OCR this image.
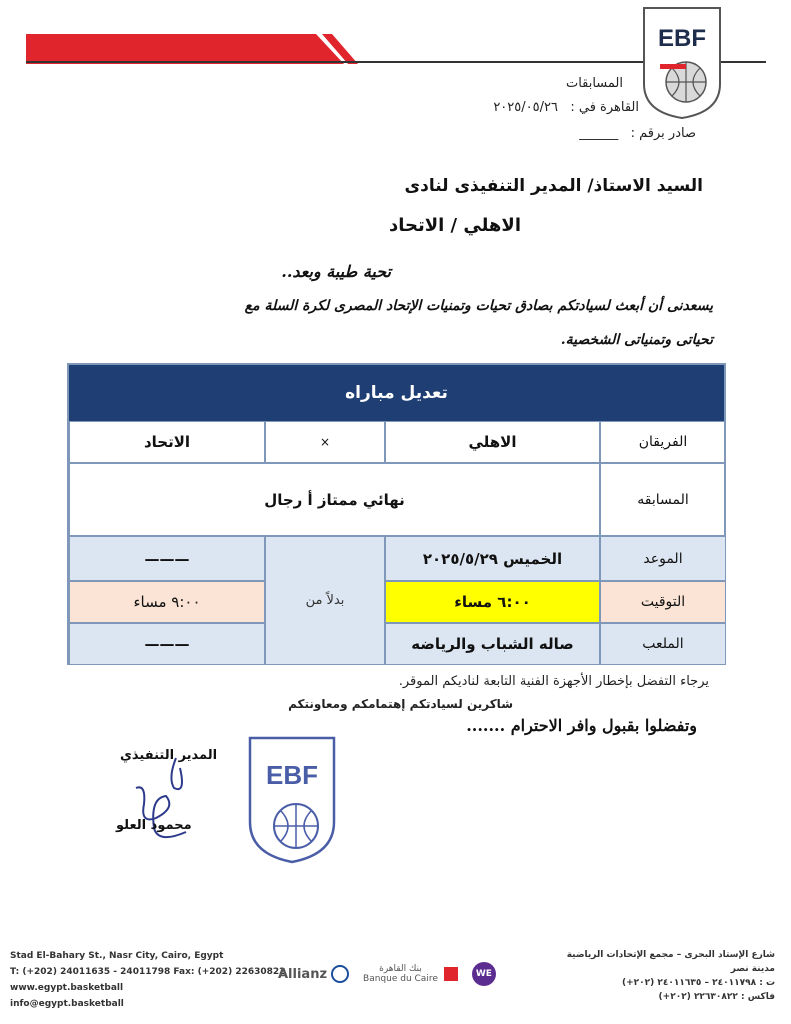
EBF
المسابقات
القاهرة في :   ٢٠٢٥/٠٥/٢٦
صادر برقم :   ______
السيد الاستاذ/ المدير التنفيذى لنادى
الاهلي / الاتحاد
تحية طيبة وبعد..
يسعدنى أن أبعث لسيادتكم بصادق تحيات وتمنيات الإتحاد المصرى لكرة السلة مع
تحياتى وتمنياتى الشخصية.
تعديل مباراه
الفريقان
الاهلي
×
الاتحاد
المسابقه
نهائي ممتاز أ رجال
الموعد
الخميس ٢٠٢٥/٥/٢٩
بدلاً من
———
التوقيت
٦:٠٠ مساء
٩:٠٠ مساء
الملعب
صاله الشباب والرياضه
———
يرجاء التفضل بإخطار الأجهزة الفنية التابعة لناديكم الموقر.
شاكرين لسيادتكم إهتمامكم ومعاونتكم
وتفضلوا بقبول وافر الاحترام .......
المدير التنفيذي
محمود العلو
EBF
Stad El-Bahary St., Nasr City, Cairo, Egypt
T: (+202) 24011635 - 24011798 Fax: (+202) 22630822
www.egypt.basketball
info@egypt.basketball
Allianz	بنك القاهرة
Banque du Caire	WE
شارع الإستاد البحرى – مجمع الإتحادات الرياضية
مدينة نصر
ت : ٢٤٠١١٧٩٨ – ٢٤٠١١٦٣٥ (٢٠٢+)
فاكس : ٢٢٦٣٠٨٢٢ (٢٠٢+)
